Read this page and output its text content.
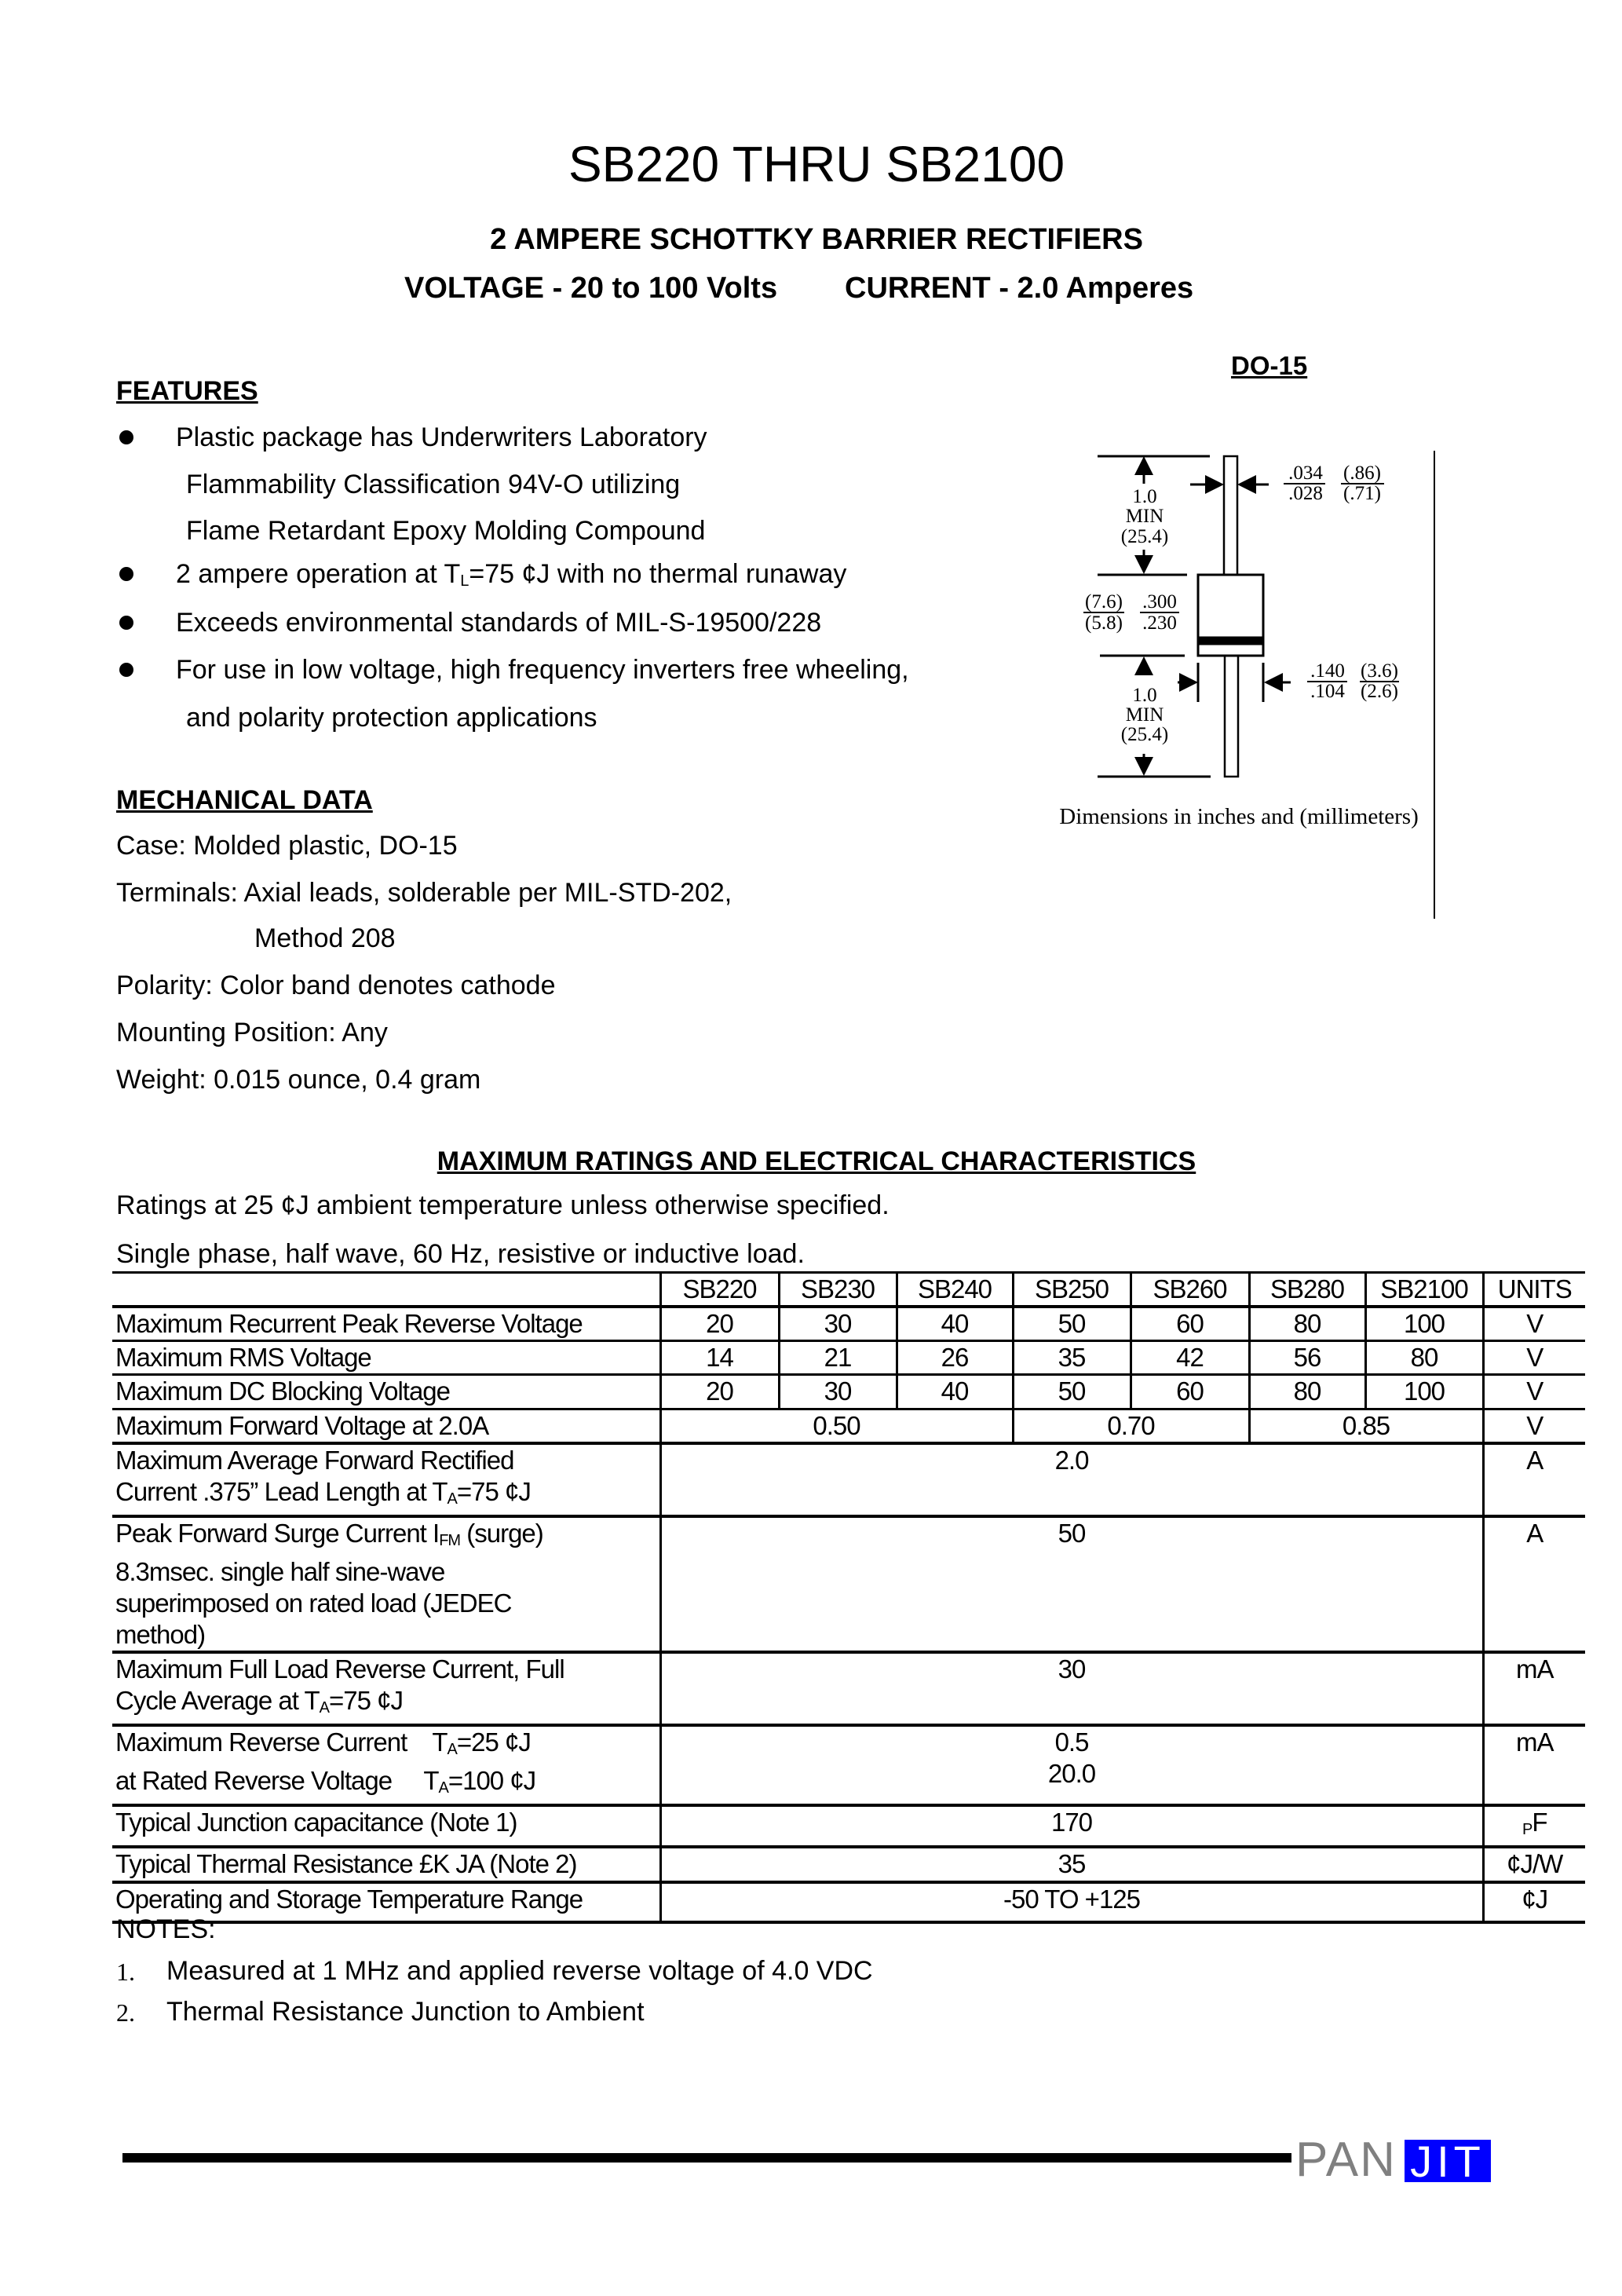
SB220 THRU SB2100
2 AMPERE SCHOTTKY BARRIER RECTIFIERS
VOLTAGE - 20 to 100 Volts CURRENT - 2.0 Amperes
FEATURES
Plastic package has Underwriters Laboratory
Flammability Classification 94V-O utilizing
Flame Retardant Epoxy Molding Compound
2 ampere operation at $T_L=75$ ¢J with no thermal runaway
Exceeds environmental standards of MIL-S-19500/228
For use in low voltage, high frequency inverters free wheeling,
and polarity protection applications
MECHANICAL DATA
Case: Molded plastic, DO-15
Terminals: Axial leads, solderable per MIL-STD-202,
Method 208
Polarity: Color band denotes cathode
Mounting Position: Any
Weight: 0.015 ounce, 0.4 gram
DO-15
1.0
MIN
(25.4)
1.0
MIN
(25.4)
.034
.028
(.86)
(.71)
(7.6)
(5.8)
.300
.230
.140
.104
(3.6)
(2.6)
Dimensions in inches and (millimeters)
MAXIMUM RATINGS AND ELECTRICAL CHARACTERISTICS
Ratings at 25 ¢J ambient temperature unless otherwise specified.
Single phase, half wave, 60 Hz, resistive or inductive load.
	SB220	SB230	SB240	SB250	SB260	SB280	SB2100	UNITS
Maximum Recurrent Peak Reverse Voltage	20	30	40	50	60	80	100	V
Maximum RMS Voltage	14	21	26	35	42	56	80	V
Maximum DC Blocking Voltage	20	30	40	50	60	80	100	V
Maximum Forward Voltage at 2.0A	0.50			0.70		0.85		V
Maximum Average Forward Rectified
Current .375” Lead Length at $T_A=75$ ¢J	2.0							A
Peak Forward Surge Current $I_{FM}$ (surge)
8.3msec. single half sine-wave
superimposed on rated load (JEDEC
method)	50							A
Maximum Full Load Reverse Current, Full
Cycle Average at $T_A=75$ ¢J	30							mA
Maximum Reverse Current    $T_A=25$ ¢J
at Rated Reverse Voltage     $T_A=100$ ¢J	0.5
20.0							mA
Typical Junction capacitance (Note 1)	170							$_P$F
Typical Thermal Resistance £K JA (Note 2)	35							¢J/W
Operating and Storage Temperature Range	-50 TO +125							¢J
NOTES:
1. Measured at 1 MHz and applied reverse voltage of 4.0 VDC
2. Thermal Resistance Junction to Ambient
PAN JIT
